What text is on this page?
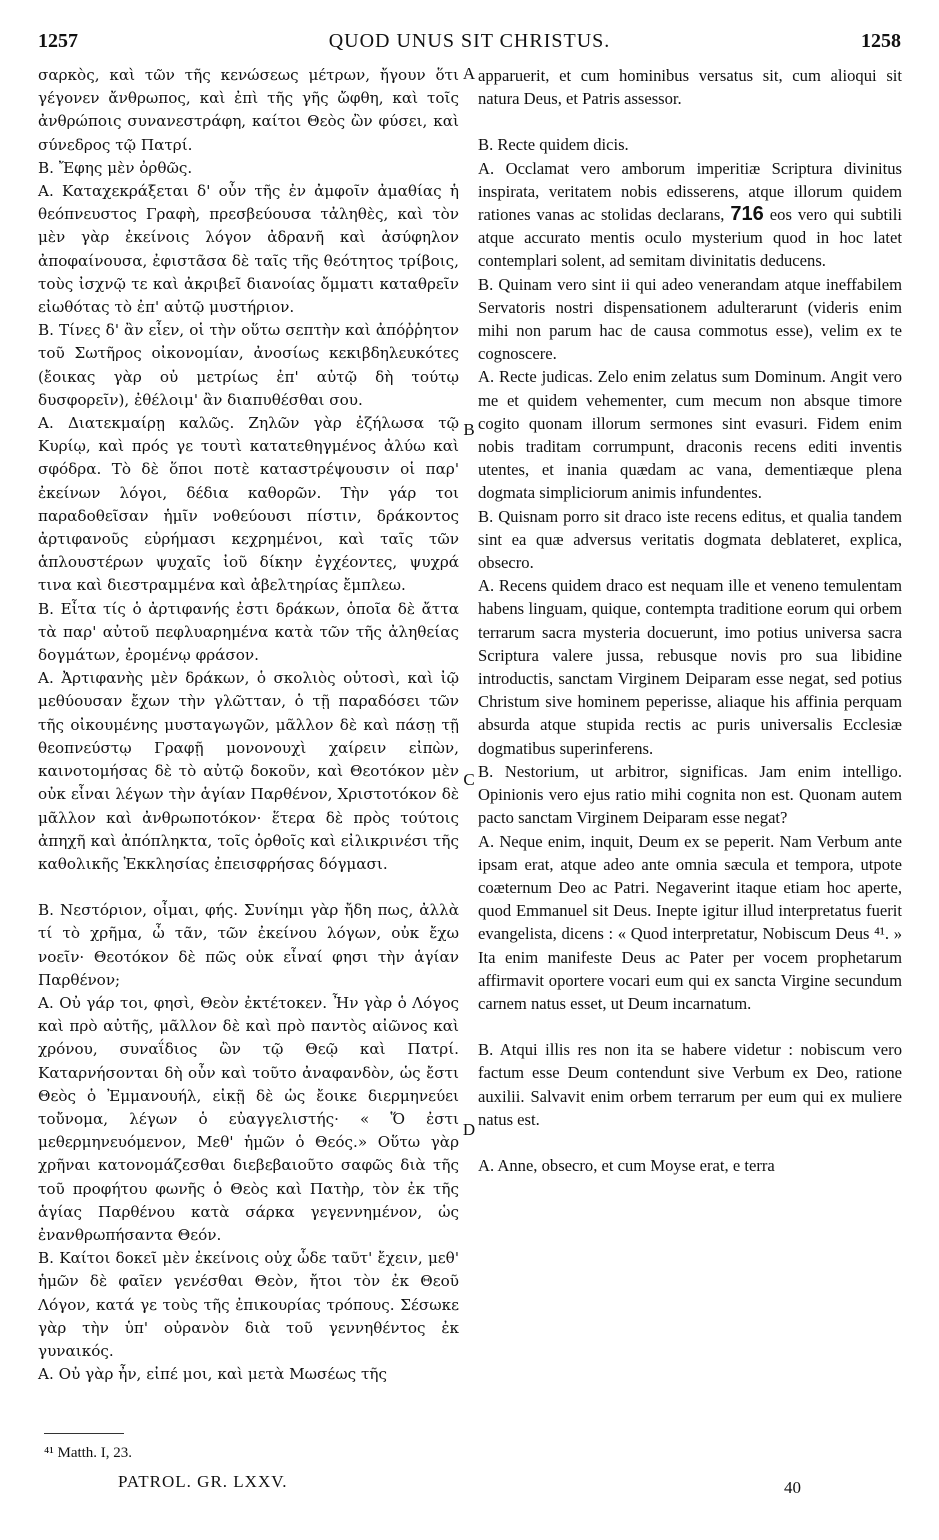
1257	QUOD UNUS SIT CHRISTUS.	1258

σαρκὸς, καὶ τῶν τῆς κενώσεως μέτρων, ἤγουν ὅτι γέγονεν ἄνθρωπος, καὶ ἐπὶ τῆς γῆς ὤφθη, καὶ τοῖς ἀνθρώποις συνανεστράφη, καίτοι Θεὸς ὢν φύσει, καὶ σύνεδρος τῷ Πατρί.

B. Ἔφης μὲν ὀρθῶς.

A. Καταχεκράξεται δ' οὖν τῆς ἐν ἀμφοῖν ἀμαθίας ἡ θεόπνευστος Γραφὴ, πρεσβεύουσα τἀληθὲς, καὶ τὸν μὲν γὰρ ἐκείνοις λόγον ἀδρανῆ καὶ ἀσύφηλον ἀποφαίνουσα, ἐφιστᾶσα δὲ ταῖς τῆς θεότητος τρίβοις, τοὺς ἰσχνῷ τε καὶ ἀκριβεῖ διανοίας ὄμματι καταθρεῖν εἰωθότας τὸ ἐπ' αὐτῷ μυστήριον.

B. Τίνες δ' ἂν εἶεν, οἱ τὴν οὕτω σεπτὴν καὶ ἀπόῤῥητον τοῦ Σωτῆρος οἰκονομίαν, ἀνοσίως κεκιβδηλευκότες (ἔοικας γὰρ οὐ μετρίως ἐπ' αὐτῷ δὴ τούτῳ δυσφορεῖν), ἐθέλοιμ' ἂν διαπυθέσθαι σου.

A. Διατεκμαίρῃ καλῶς. Ζηλῶν γὰρ ἐζήλωσα τῷ Κυρίῳ, καὶ πρός γε τουτὶ κατατεθηγμένος ἀλύω καὶ σφόδρα. Τὸ δὲ ὅποι ποτὲ καταστρέψουσιν οἱ παρ' ἐκείνων λόγοι, δέδια καθορῶν. Τὴν γάρ τοι παραδοθεῖσαν ἡμῖν νοθεύουσι πίστιν, δράκοντος ἀρτιφανοῦς εὑρήμασι κεχρημένοι, καὶ ταῖς τῶν ἁπλουστέρων ψυχαῖς ἰοῦ δίκην ἐγχέοντες, ψυχρά τινα καὶ διεστραμμένα καὶ ἀβελτηρίας ἔμπλεω.

B. Εἶτα τίς ὁ ἀρτιφανής ἐστι δράκων, ὁποῖα δὲ ἄττα τὰ παρ' αὐτοῦ πεφλυαρημένα κατὰ τῶν τῆς ἀληθείας δογμάτων, ἐρομένῳ φράσον.

A. Ἀρτιφανὴς μὲν δράκων, ὁ σκολιὸς οὑτοσὶ, καὶ ἰῷ μεθύουσαν ἔχων τὴν γλῶτταν, ὁ τῇ παραδόσει τῶν τῆς οἰκουμένης μυσταγωγῶν, μᾶλλον δὲ καὶ πάσῃ τῇ θεοπνεύστῳ Γραφῇ μονονουχὶ χαίρειν εἰπὼν, καινοτομήσας δὲ τὸ αὐτῷ δοκοῦν, καὶ Θεοτόκον μὲν οὐκ εἶναι λέγων τὴν ἁγίαν Παρθένον, Χριστοτόκον δὲ μᾶλλον καὶ ἀνθρωποτόκον· ἕτερα δὲ πρὸς τούτοις ἀπηχῆ καὶ ἀπόπληκτα, τοῖς ὀρθοῖς καὶ εἰλικρινέσι τῆς καθολικῆς Ἐκκλησίας ἐπεισφρήσας δόγμασι.

B. Νεστόριον, οἶμαι, φής. Συνίημι γὰρ ἤδη πως, ἀλλὰ τί τὸ χρῆμα, ὦ τᾶν, τῶν ἐκείνου λόγων, οὐκ ἔχω νοεῖν· Θεοτόκον δὲ πῶς οὐκ εἶναί φησι τὴν ἁγίαν Παρθένον;

A. Οὐ γάρ τοι, φησὶ, Θεὸν ἐκτέτοκεν. Ἦν γὰρ ὁ Λόγος καὶ πρὸ αὐτῆς, μᾶλλον δὲ καὶ πρὸ παντὸς αἰῶνος καὶ χρόνου, συναΐδιος ὢν τῷ Θεῷ καὶ Πατρί. Καταρνήσονται δὴ οὖν καὶ τοῦτο ἀναφανδὸν, ὡς ἔστι Θεὸς ὁ Ἐμμανουήλ, εἰκῇ δὲ ὡς ἔοικε διερμηνεύει τοὔνομα, λέγων ὁ εὐαγγελιστής· « Ὅ ἐστι μεθερμηνευόμενον, Μεθ' ἡμῶν ὁ Θεός.» Οὕτω γὰρ χρῆναι κατονομάζεσθαι διεβεβαιοῦτο σαφῶς διὰ τῆς τοῦ προφήτου φωνῆς ὁ Θεὸς καὶ Πατὴρ, τὸν ἐκ τῆς ἁγίας Παρθένου κατὰ σάρκα γεγεννημένον, ὡς ἐνανθρωπήσαντα Θεόν.

B. Καίτοι δοκεῖ μὲν ἐκείνοις οὐχ ὧδε ταῦτ' ἔχειν, μεθ' ἡμῶν δὲ φαῖεν γενέσθαι Θεὸν, ἤτοι τὸν ἐκ Θεοῦ Λόγον, κατά γε τοὺς τῆς ἐπικουρίας τρόπους. Σέσωκε γὰρ τὴν ὑπ' οὐρανὸν διὰ τοῦ γεννηθέντος ἐκ γυναικός.

A. Οὐ γὰρ ἦν, εἰπέ μοι, καὶ μετὰ Μωσέως τῆς

A
B
C
D

apparuerit, et cum hominibus versatus sit, cum alioqui sit natura Deus, et Patris assessor.

B. Recte quidem dicis.

A. Occlamat vero amborum imperitiæ Scriptura divinitus inspirata, veritatem nobis edisserens, atque illorum quidem rationes vanas ac stolidas declarans, 716 eos vero qui subtili atque accurato mentis oculo mysterium quod in hoc latet contemplari solent, ad semitam divinitatis deducens.

B. Quinam vero sint ii qui adeo venerandam atque ineffabilem Servatoris nostri dispensationem adulterarunt (videris enim mihi non parum hac de causa commotus esse), velim ex te cognoscere.

A. Recte judicas. Zelo enim zelatus sum Dominum. Angit vero me et quidem vehementer, cum mecum non absque timore cogito quonam illorum sermones sint evasuri. Fidem enim nobis traditam corrumpunt, draconis recens editi inventis utentes, et inania quædam ac vana, dementiæque plena dogmata simpliciorum animis infundentes.

B. Quisnam porro sit draco iste recens editus, et qualia tandem sint ea quæ adversus veritatis dogmata deblateret, explica, obsecro.

A. Recens quidem draco est nequam ille et veneno temulentam habens linguam, quique, contempta traditione eorum qui orbem terrarum sacra mysteria docuerunt, imo potius universa sacra Scriptura valere jussa, rebusque novis pro sua libidine introductis, sanctam Virginem Deiparam esse negat, sed potius Christum sive hominem peperisse, aliaque his affinia perquam absurda atque stupida rectis ac puris universalis Ecclesiæ dogmatibus superinferens.

B. Nestorium, ut arbitror, significas. Jam enim intelligo. Opinionis vero ejus ratio mihi cognita non est. Quonam autem pacto sanctam Virginem Deiparam esse negat?

A. Neque enim, inquit, Deum ex se peperit. Nam Verbum ante ipsam erat, atque adeo ante omnia sæcula et tempora, utpote coæternum Deo ac Patri. Negaverint itaque etiam hoc aperte, quod Emmanuel sit Deus. Inepte igitur illud interpretatus fuerit evangelista, dicens : « Quod interpretatur, Nobiscum Deus ⁴¹. » Ita enim manifeste Deus ac Pater per vocem prophetarum affirmavit oportere vocari eum qui ex sancta Virgine secundum carnem natus esset, ut Deum incarnatum.

B. Atqui illis res non ita se habere videtur : nobiscum vero factum esse Deum contendunt sive Verbum ex Deo, ratione auxilii. Salvavit enim orbem terrarum per eum qui ex muliere natus est.

A. Anne, obsecro, et cum Moyse erat, e terra

⁴¹ Matth. I, 23.
PATROL. GR. LXXV.	40
